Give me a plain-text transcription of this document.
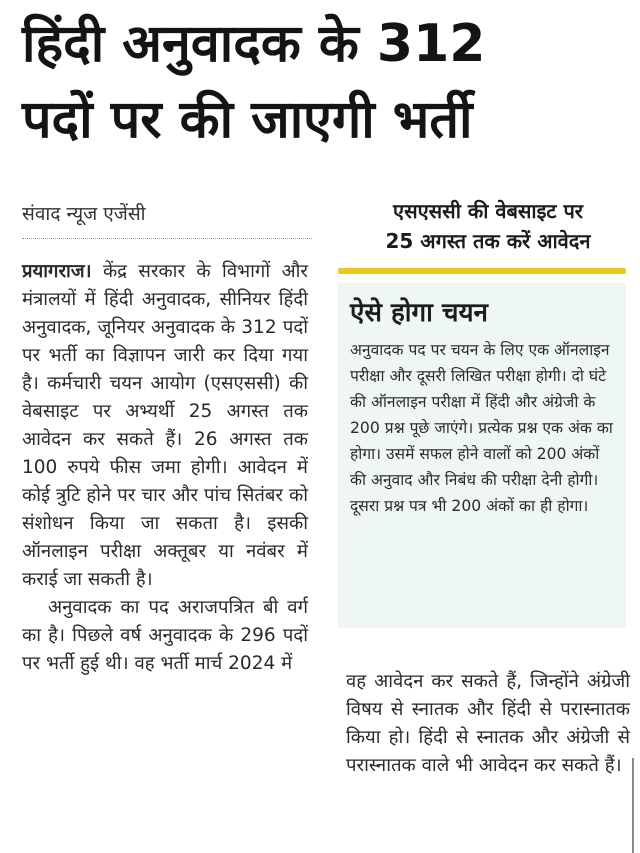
हिंदी अनुवादक के 312
पदों पर की जाएगी भर्ती
संवाद न्यूज एजेंसी

प्रयागराज। केंद्र सरकार के विभागों और मंत्रालयों में हिंदी अनुवादक, सीनियर हिंदी अनुवादक, जूनियर अनुवादक के 312 पदों पर भर्ती का विज्ञापन जारी कर दिया गया है। कर्मचारी चयन आयोग (एसएससी) की वेबसाइट पर अभ्यर्थी 25 अगस्त तक आवेदन कर सकते हैं। 26 अगस्त तक 100 रुपये फीस जमा होगी। आवेदन में कोई त्रुटि होने पर चार और पांच सितंबर को संशोधन किया जा सकता है। इसकी ऑनलाइन परीक्षा अक्तूबर या नवंबर में कराई जा सकती है।

अनुवादक का पद अराजपत्रित बी वर्ग का है। पिछले वर्ष अनुवादक के 296 पदों पर भर्ती हुई थी। वह भर्ती मार्च 2024 में

एसएससी की वेबसाइट पर
25 अगस्त तक करें आवेदन
ऐसे होगा चयन
अनुवादक पद पर चयन के लिए एक ऑनलाइन परीक्षा और दूसरी लिखित परीक्षा होगी। दो घंटे की ऑनलाइन परीक्षा में हिंदी और अंग्रेजी के 200 प्रश्न पूछे जाएंगे। प्रत्येक प्रश्न एक अंक का होगा। उसमें सफल होने वालों को 200 अंकों की अनुवाद और निबंध की परीक्षा देनी होगी। दूसरा प्रश्न पत्र भी 200 अंकों का ही होगा।
वह आवेदन कर सकते हैं, जिन्होंने अंग्रेजी विषय से स्नातक और हिंदी से परास्नातक किया हो। हिंदी से स्नातक और अंग्रेजी से परास्नातक वाले भी आवेदन कर सकते हैं।
